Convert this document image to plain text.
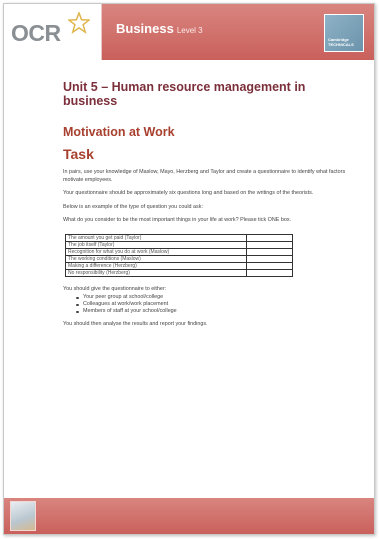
OCR	Business Level 3
Cambridge
TECHNICALS
Unit 5 – Human resource management in business
Motivation at Work
Task

In pairs, use your knowledge of Maslow, Mayo, Herzberg and Taylor and create a questionnaire to identify what factors motivate employees.

Your questionnaire should be approximately six questions long and based on the writings of the theorists.

Below is an example of the type of question you could ask:

What do you consider to be the most important things in your life at work? Please tick ONE box.

The amount you get paid (Taylor)	
The job itself (Taylor)	
Recognition for what you do at work (Maslow)	
The working conditions (Maslow)	
Making a difference (Herzberg)	
No responsibility (Herzberg)	

You should give the questionnaire to either:

Your peer group at school/college
Colleagues at work/work placement
Members of staff at your school/college

You should then analyse the results and report your findings.
